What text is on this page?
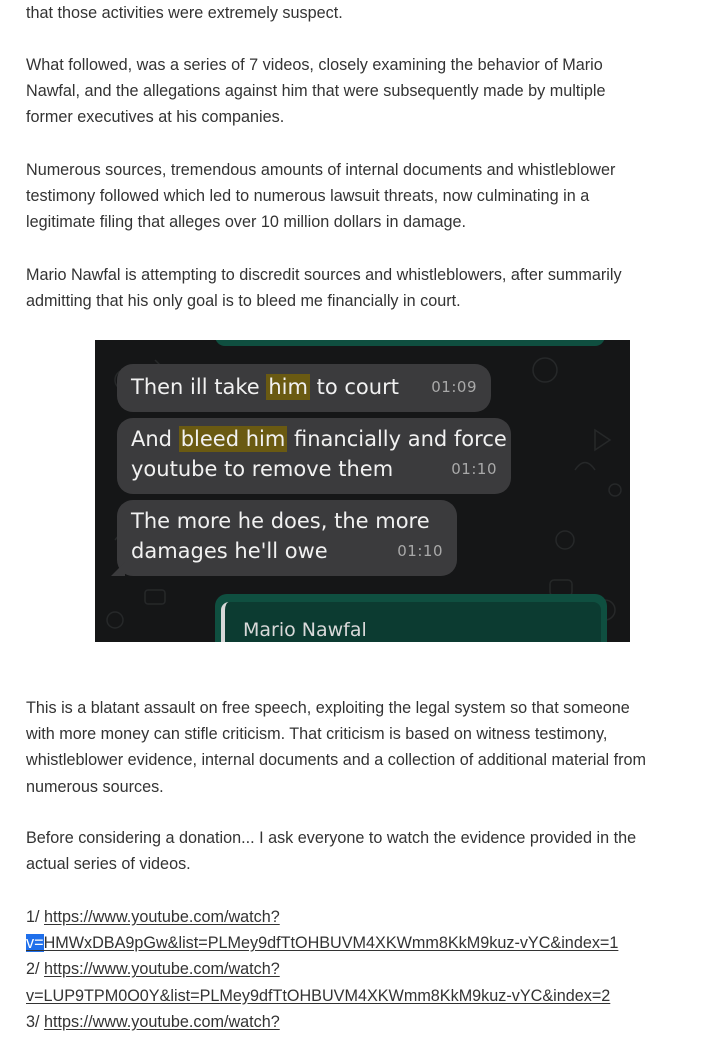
that those activities were extremely suspect.

What followed, was a series of 7 videos, closely examining the behavior of Mario
Nawfal, and the allegations against him that were subsequently made by multiple
former executives at his companies.

Numerous sources, tremendous amounts of internal documents and whistleblower
testimony followed which led to numerous lawsuit threats, now culminating in a
legitimate filing that alleges over 10 million dollars in damage.

Mario Nawfal is attempting to discredit sources and whistleblowers, after summarily
admitting that his only goal is to bleed me financially in court.

This is a blatant assault on free speech, exploiting the legal system so that someone
with more money can stifle criticism. That criticism is based on witness testimony,
whistleblower evidence, internal documents and a collection of additional material from
numerous sources.

Before considering a donation... I ask everyone to watch the evidence provided in the
actual series of videos.

1/ https://www.youtube.com/watch?
v=HMWxDBA9pGw&list=PLMey9dfTtOHBUVM4XKWmm8KkM9kuz-vYC&index=1
2/ https://www.youtube.com/watch?
v=LUP9TPM0O0Y&list=PLMey9dfTtOHBUVM4XKWmm8KkM9kuz-vYC&index=2
3/ https://www.youtube.com/watch?
Then ill take him to court	01:09
And bleed him financially and force
youtube to remove them	01:10
The more he does, the more
damages he'll owe	01:10
Mario Nawfal
